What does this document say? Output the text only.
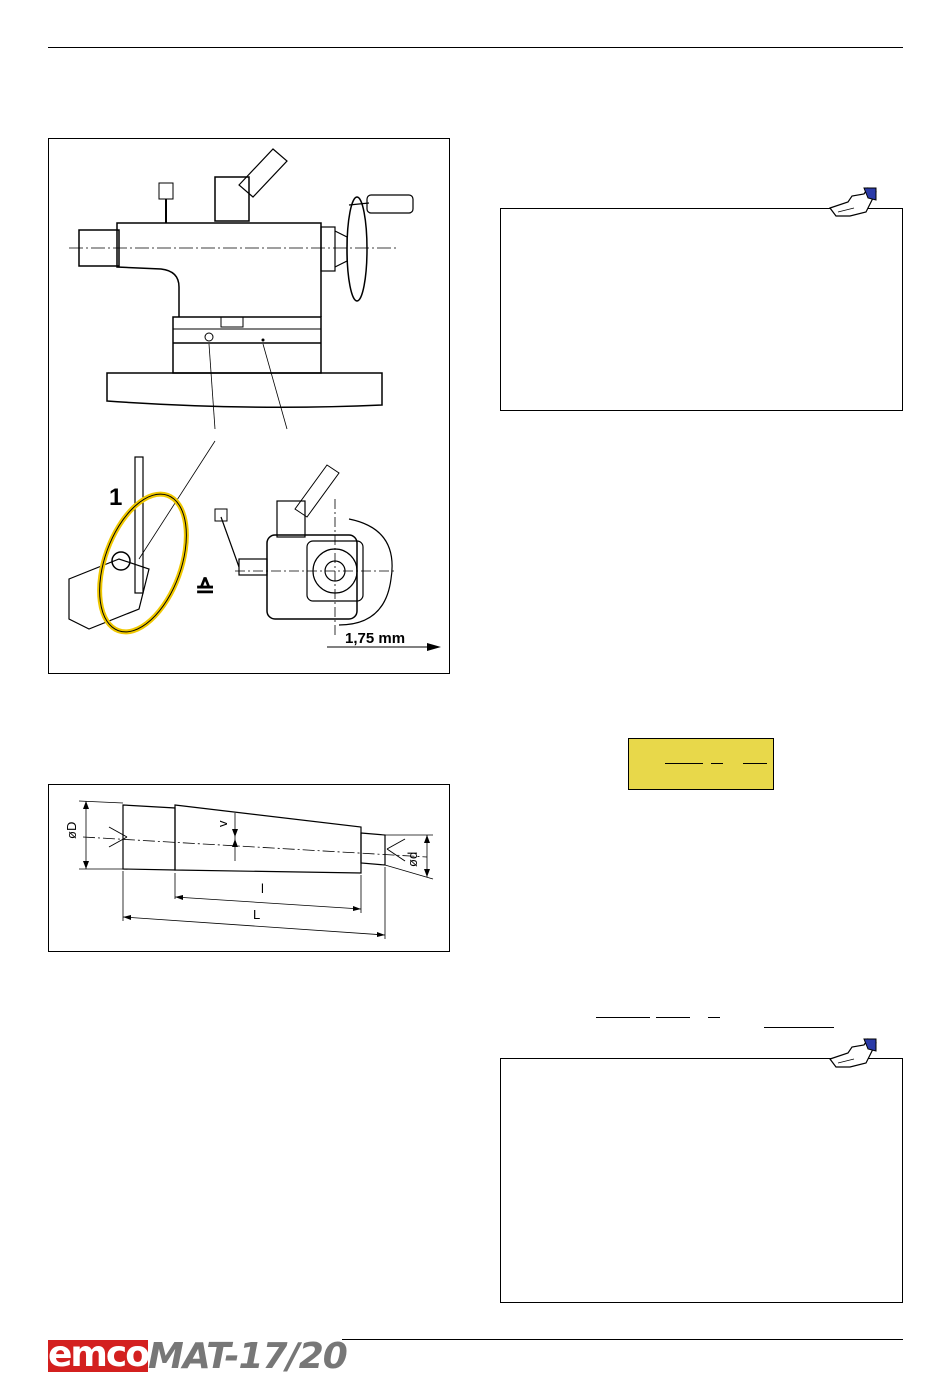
1
≙
1,75 mm
øD	v
ød
l
L
emco MAT-17/20
